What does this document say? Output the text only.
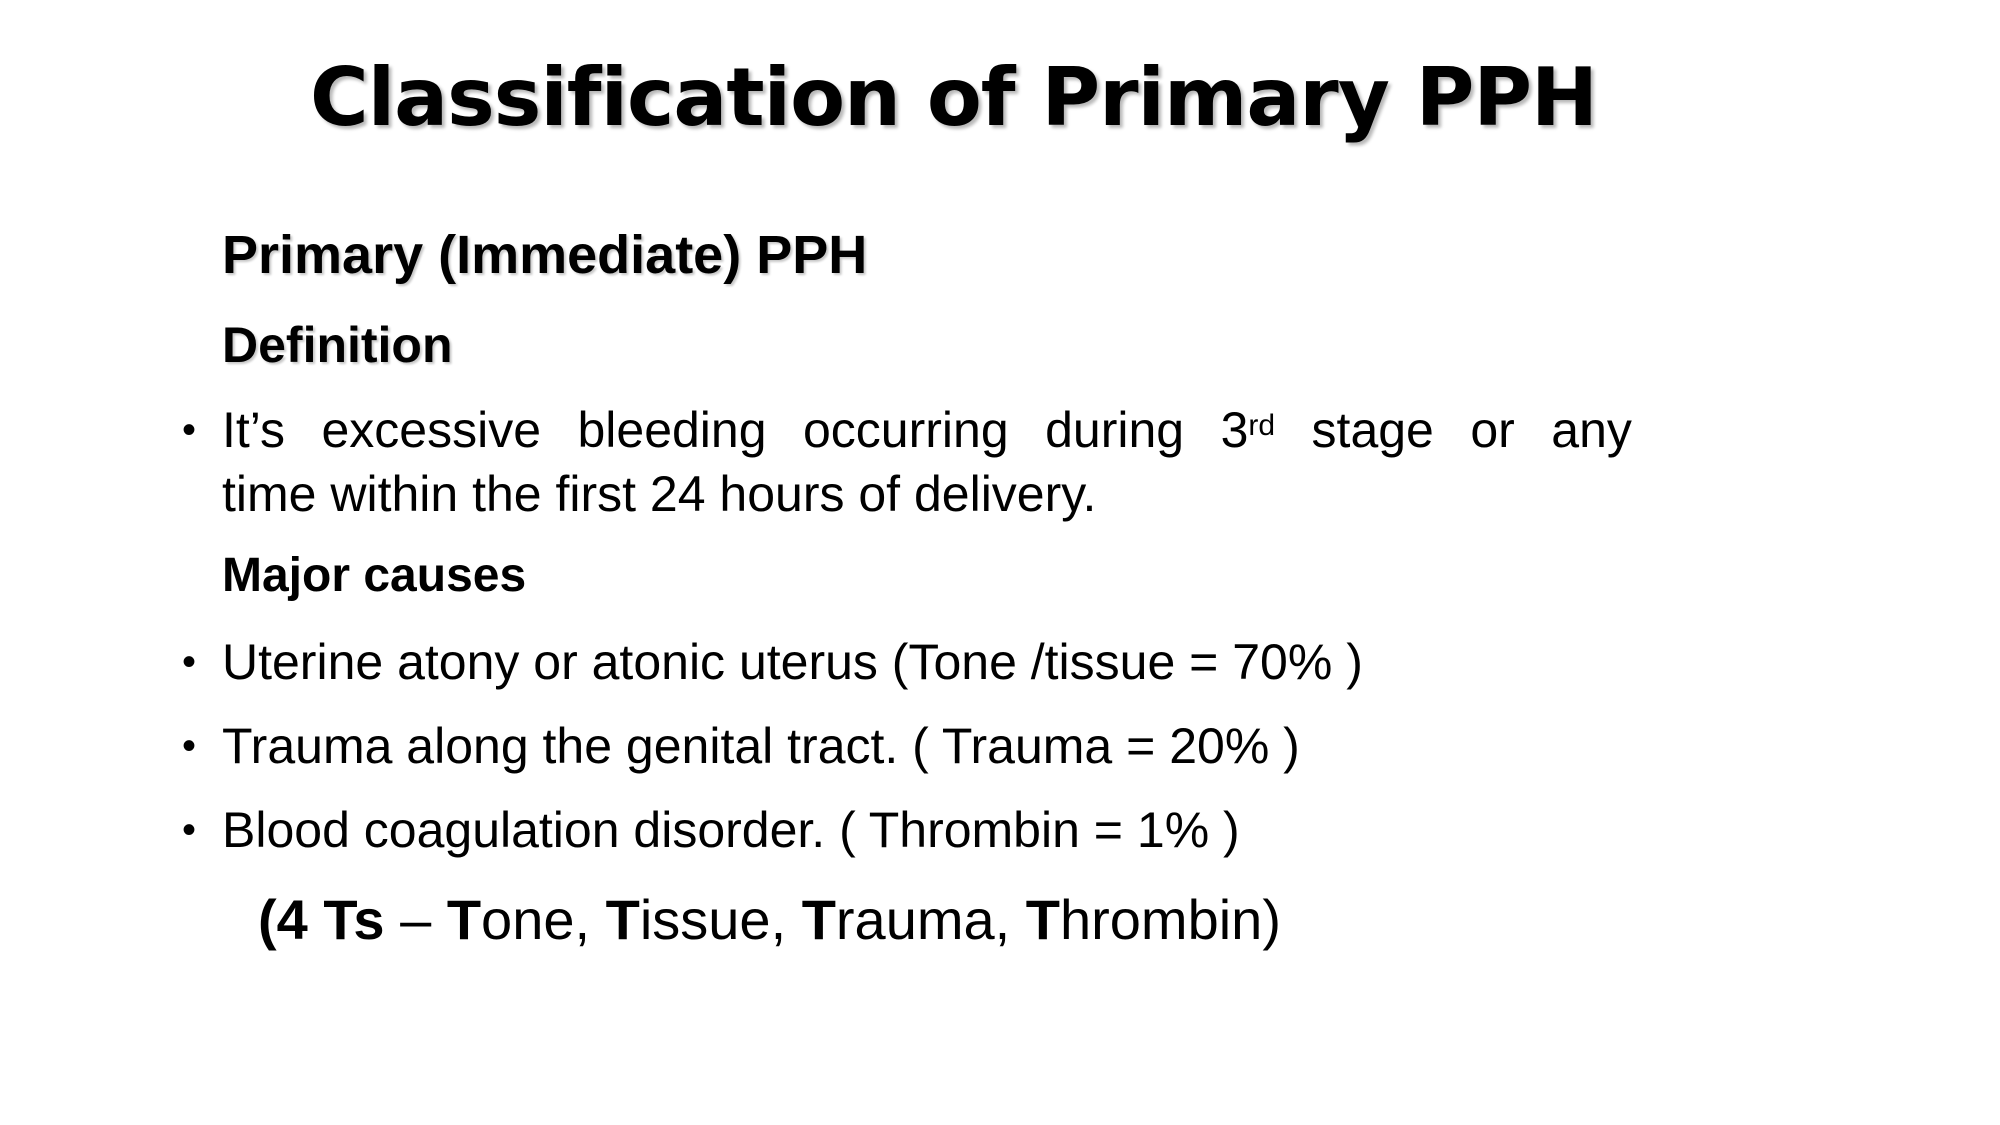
Classification of Primary PPH
Primary (Immediate) PPH
Definition
• It’s excessive bleeding occurring during 3rd stage or any
time within the first 24 hours of delivery.
Major causes
• Uterine atony or atonic uterus (Tone /tissue = 70% )
• Trauma along the genital tract. ( Trauma = 20% )
• Blood coagulation disorder. ( Thrombin = 1% )
(4 Ts – Tone, Tissue, Trauma, Thrombin)
